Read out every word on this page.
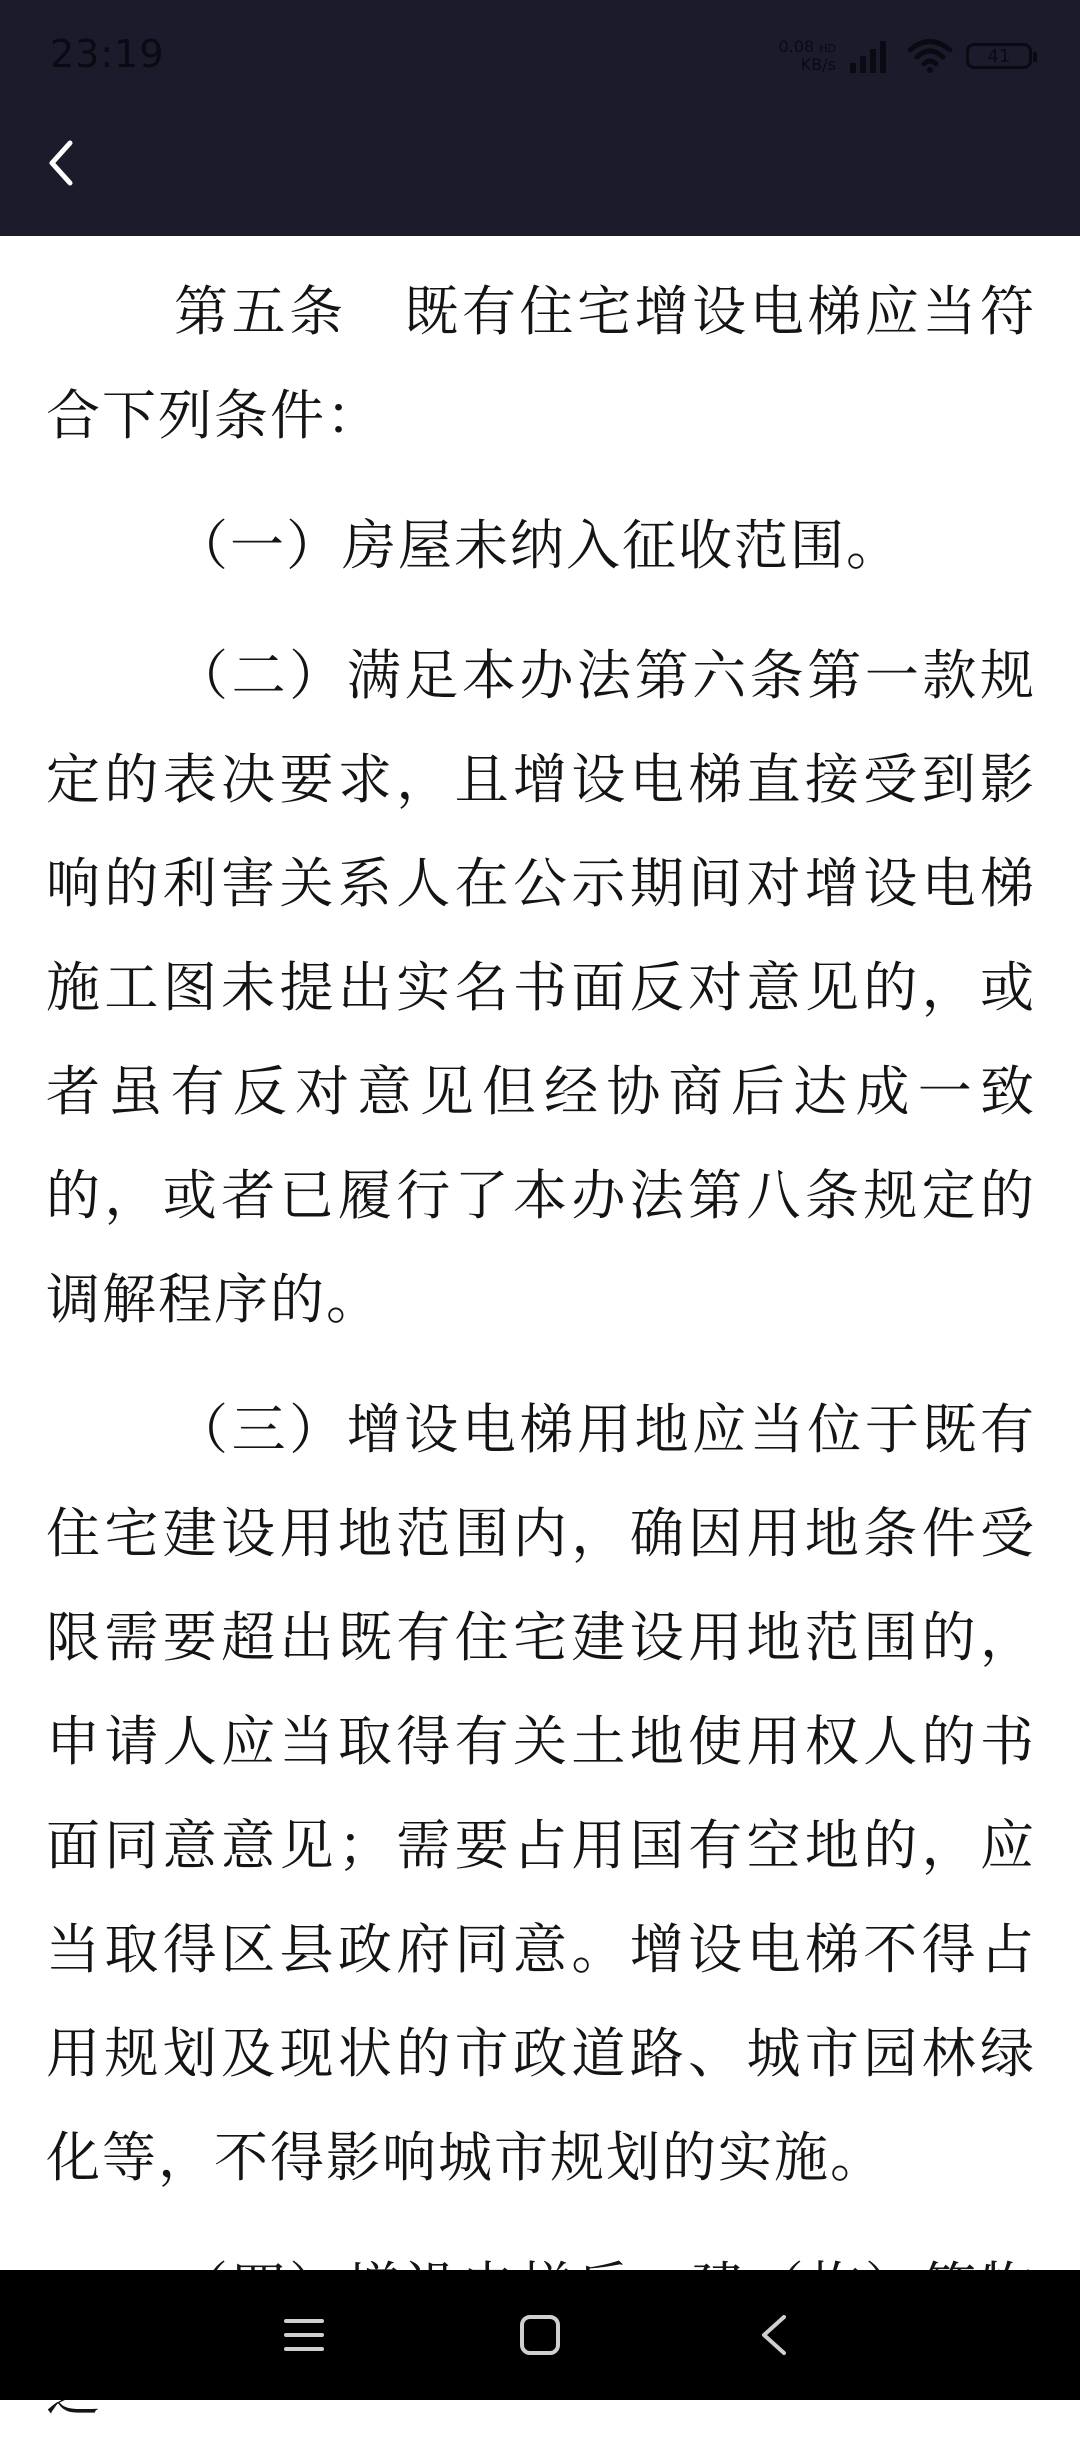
23:19	0.08 HD
KB/s	41

第五条　既有住宅增设电梯应当符合下列条件：

（一）房屋未纳入征收范围。

（二）满足本办法第六条第一款规定的表决要求，且增设电梯直接受到影响的利害关系人在公示期间对增设电梯施工图未提出实名书面反对意见的，或者虽有反对意见但经协商后达成一致的，或者已履行了本办法第八条规定的调解程序的。

（三）增设电梯用地应当位于既有住宅建设用地范围内，确因用地条件受限需要超出既有住宅建设用地范围的，申请人应当取得有关土地使用权人的书面同意意见；需要占用国有空地的，应当取得区县政府同意。增设电梯不得占用规划及现状的市政道路、城市园林绿化等，不得影响城市规划的实施。
